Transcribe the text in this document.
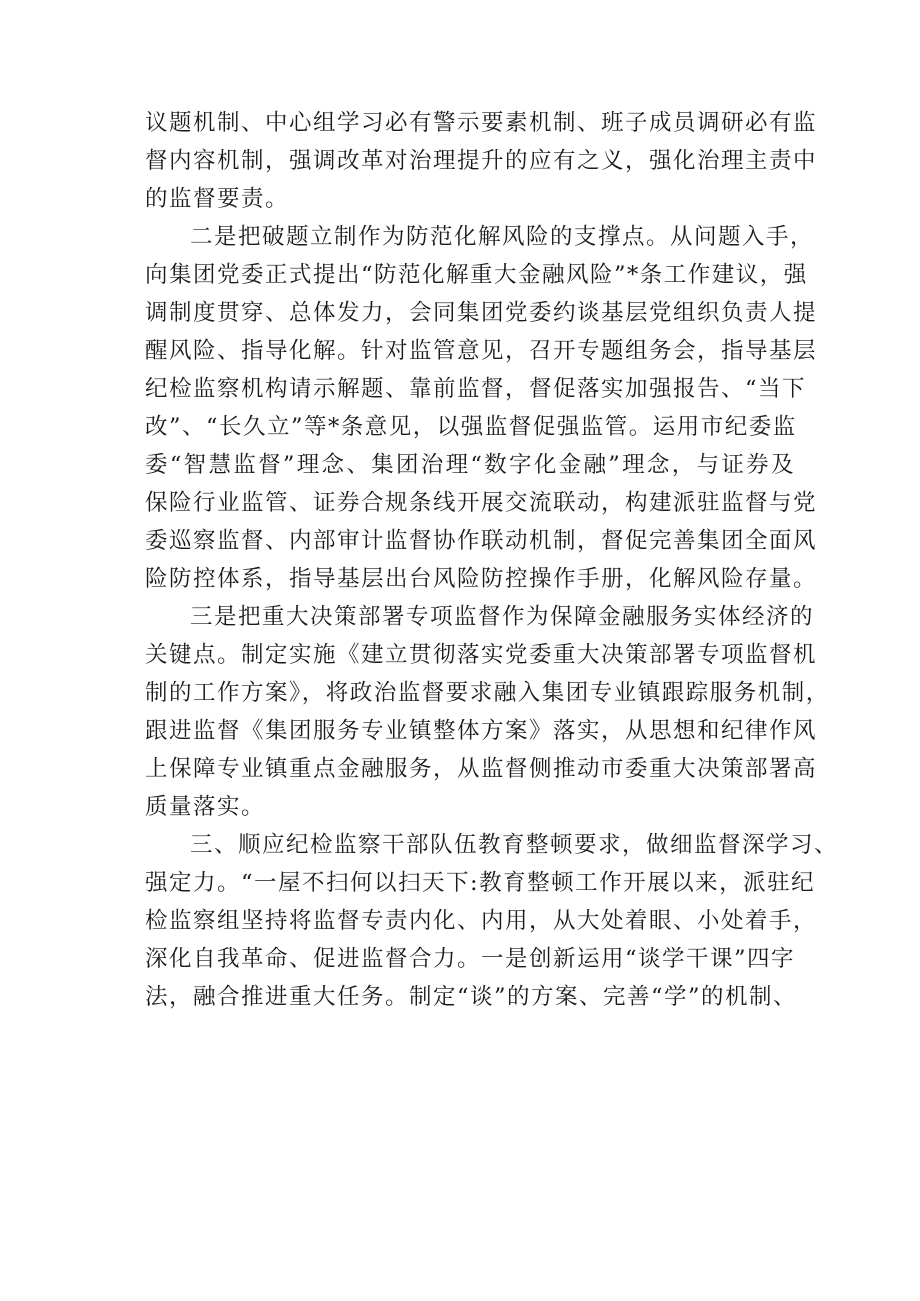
议题机制、中心组学习必有警示要素机制、班子成员调研必有监
督内容机制，强调改革对治理提升的应有之义，强化治理主责中
的监督要责。
二是把破题立制作为防范化解风险的支撑点。从问题入手，
向集团党委正式提出“防范化解重大金融风险”*条工作建议，强
调制度贯穿、总体发力，会同集团党委约谈基层党组织负责人提
醒风险、指导化解。针对监管意见，召开专题组务会，指导基层
纪检监察机构请示解题、靠前监督，督促落实加强报告、“当下
改”、“长久立”等*条意见，以强监督促强监管。运用市纪委监
委“智慧监督”理念、集团治理“数字化金融”理念，与证券及
保险行业监管、证券合规条线开展交流联动，构建派驻监督与党
委巡察监督、内部审计监督协作联动机制，督促完善集团全面风
险防控体系，指导基层出台风险防控操作手册，化解风险存量。
三是把重大决策部署专项监督作为保障金融服务实体经济的
关键点。制定实施《建立贯彻落实党委重大决策部署专项监督机
制的工作方案》，将政治监督要求融入集团专业镇跟踪服务机制，
跟进监督《集团服务专业镇整体方案》落实，从思想和纪律作风
上保障专业镇重点金融服务，从监督侧推动市委重大决策部署高
质量落实。
三、顺应纪检监察干部队伍教育整顿要求，做细监督深学习、
强定力。“一屋不扫何以扫天下:教育整顿工作开展以来，派驻纪
检监察组坚持将监督专责内化、内用，从大处着眼、小处着手，
深化自我革命、促进监督合力。一是创新运用“谈学干课”四字
法，融合推进重大任务。制定“谈”的方案、完善“学”的机制、
